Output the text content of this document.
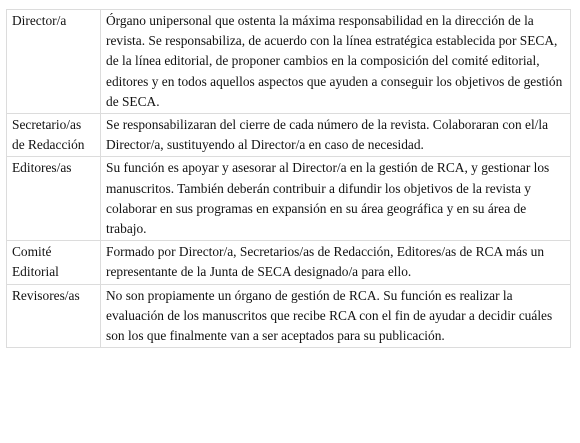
Director/a	Órgano unipersonal que ostenta la máxima responsabilidad en la dirección de la revista. Se responsabiliza, de acuerdo con la línea estratégica establecida por SECA, de la línea editorial, de proponer cambios en la composición del comité editorial, editores y en todos aquellos aspectos que ayuden a conseguir los objetivos de gestión de SECA.
Secretario/as de Redacción	Se responsabilizaran del cierre de cada número de la revista. Colaboraran con el/la Director/a, sustituyendo al Director/a en caso de necesidad.
Editores/as	Su función es apoyar y asesorar al Director/a en la gestión de RCA, y gestionar los manuscritos. También deberán contribuir a difundir los objetivos de la revista y colaborar en sus programas en expansión en su área geográfica y en su área de trabajo.
Comité Editorial	Formado por Director/a, Secretarios/as de Redacción, Editores/as de RCA más un representante de la Junta de SECA designado/a para ello.
Revisores/as	No son propiamente un órgano de gestión de RCA. Su función es realizar la evaluación de los manuscritos que recibe RCA con el fin de ayudar a decidir cuáles son los que finalmente van a ser aceptados para su publicación.
